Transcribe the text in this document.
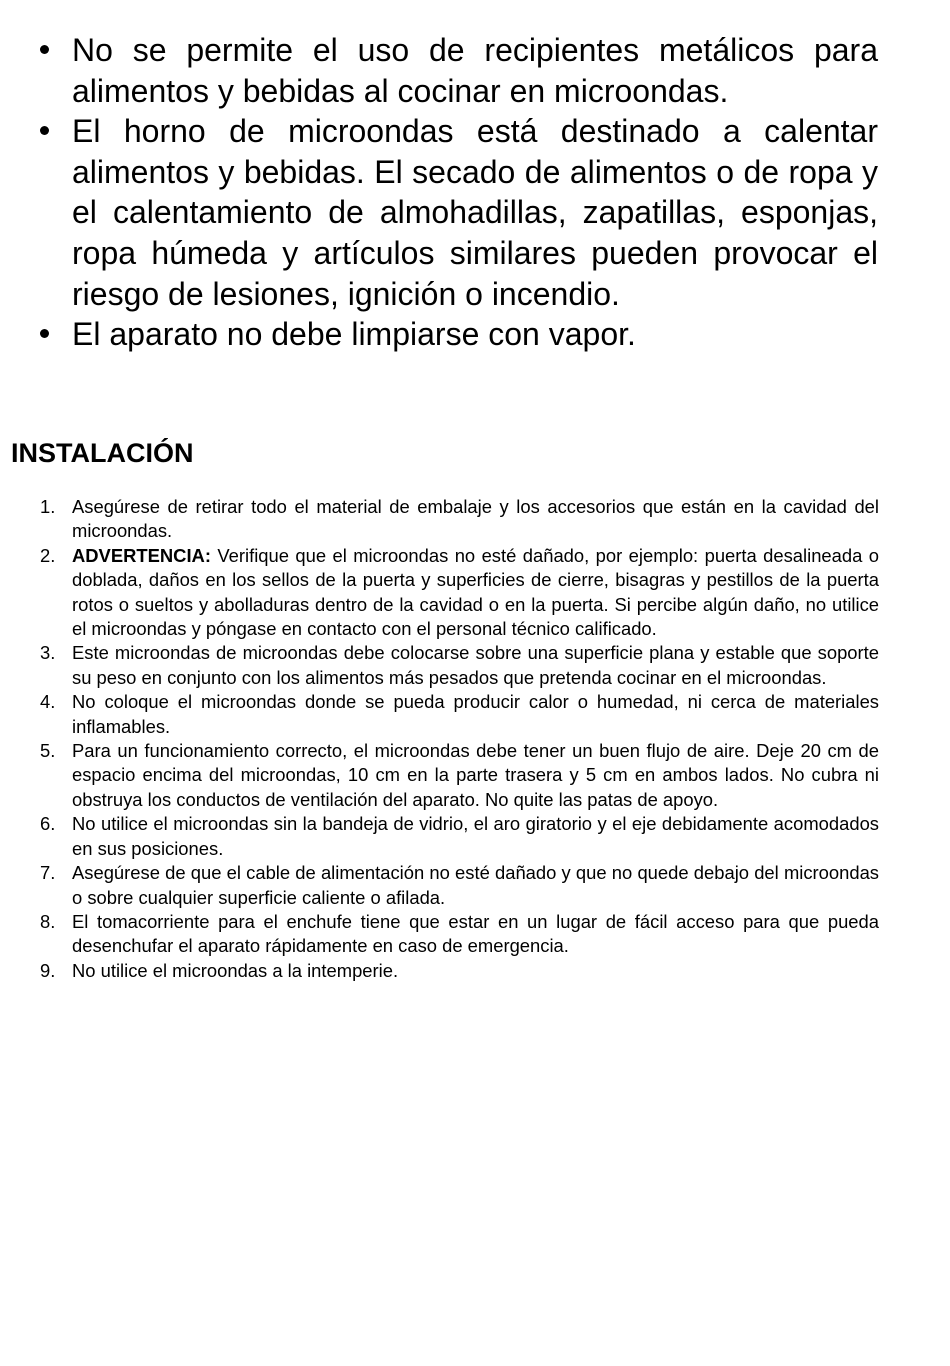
No se permite el uso de recipientes metálicos para alimentos y bebidas al cocinar en microondas.
El horno de microondas está destinado a calentar alimentos y bebidas. El secado de alimentos o de ropa y el calentamiento de almohadillas, zapatillas, esponjas, ropa húmeda y artículos similares pueden provocar el riesgo de lesiones, ignición o incendio.
El aparato no debe limpiarse con vapor.
INSTALACIÓN
1. Asegúrese de retirar todo el material de embalaje y los accesorios que están en la cavidad del microondas.
2. ADVERTENCIA: Verifique que el microondas no esté dañado, por ejemplo: puerta desalineada o doblada, daños en los sellos de la puerta y superficies de cierre, bisagras y pestillos de la puerta rotos o sueltos y abolladuras dentro de la cavidad o en la puerta. Si percibe algún daño, no utilice el microondas y póngase en contacto con el personal técnico calificado.
3. Este microondas de microondas debe colocarse sobre una superficie plana y estable que soporte su peso en conjunto con los alimentos más pesados que pretenda cocinar en el microondas.
4. No coloque el microondas donde se pueda producir calor o humedad, ni cerca de materiales inflamables.
5. Para un funcionamiento correcto, el microondas debe tener un buen flujo de aire. Deje 20 cm de espacio encima del microondas, 10 cm en la parte trasera y 5 cm en ambos lados. No cubra ni obstruya los conductos de ventilación del aparato. No quite las patas de apoyo.
6. No utilice el microondas sin la bandeja de vidrio, el aro giratorio y el eje debidamente acomodados en sus posiciones.
7. Asegúrese de que el cable de alimentación no esté dañado y que no quede debajo del microondas o sobre cualquier superficie caliente o afilada.
8. El tomacorriente para el enchufe tiene que estar en un lugar de fácil acceso para que pueda desenchufar el aparato rápidamente en caso de emergencia.
9. No utilice el microondas a la intemperie.
